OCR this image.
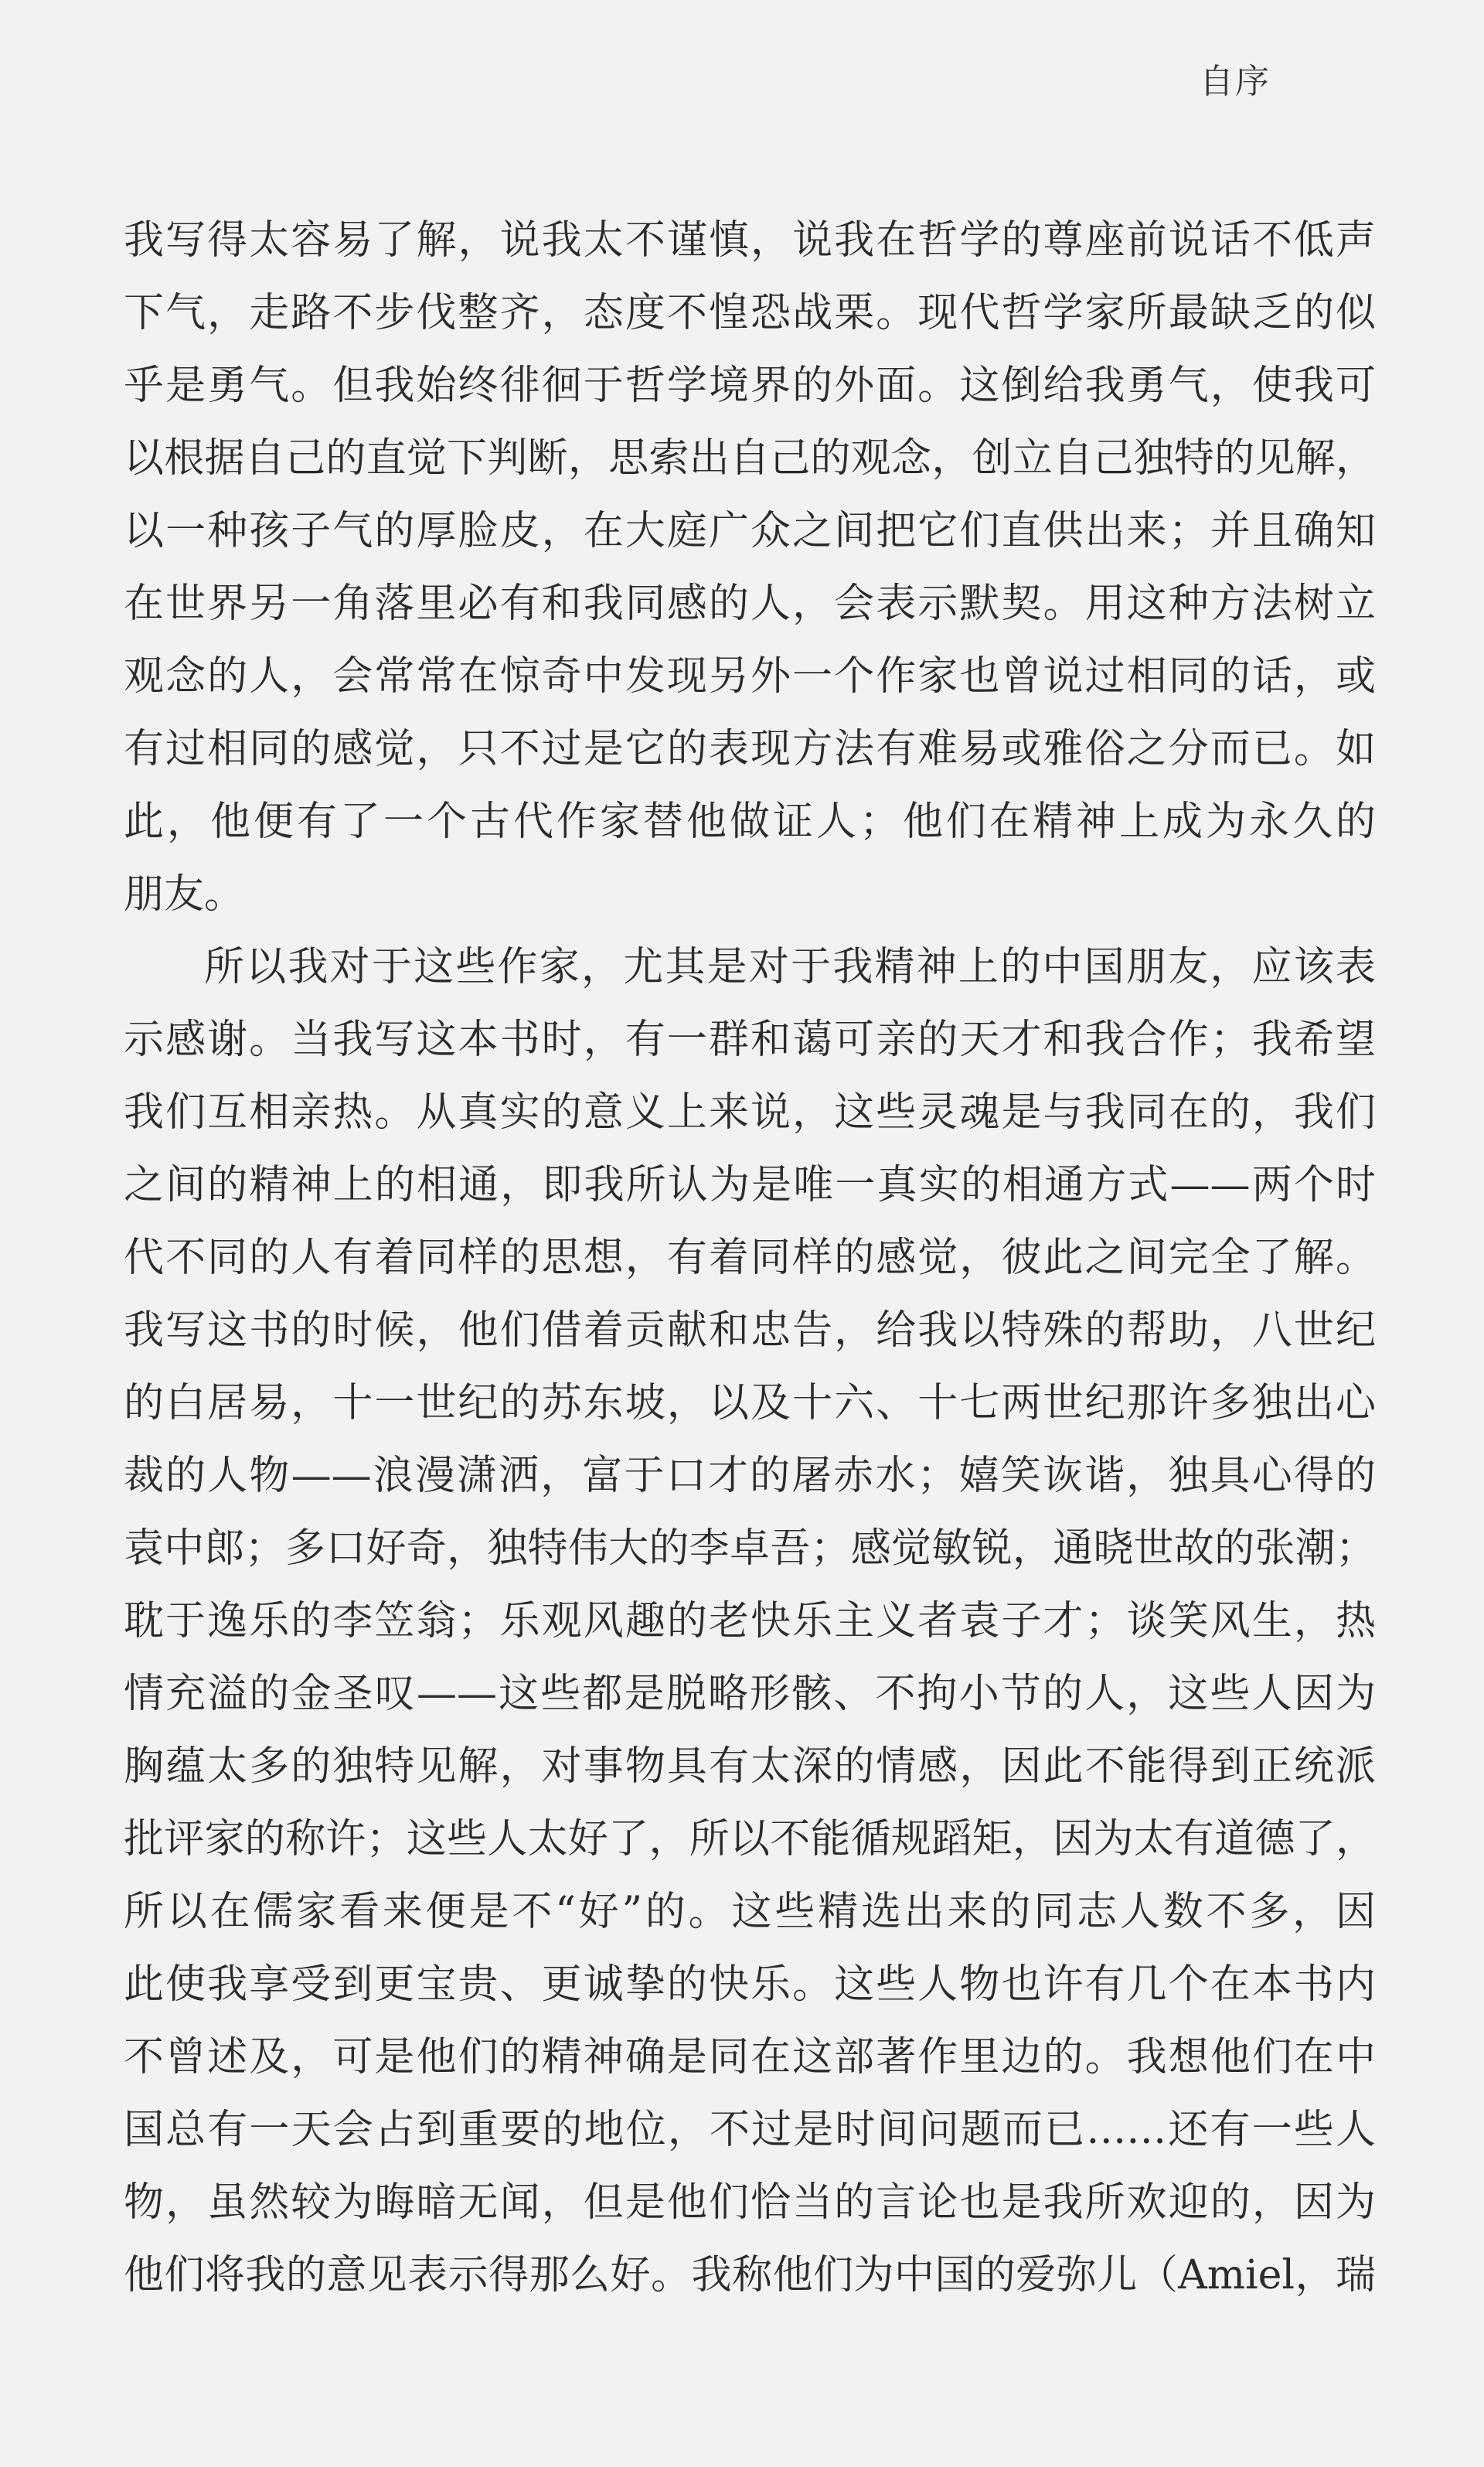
自序
我写得太容易了解，说我太不谨慎，说我在哲学的尊座前说话不低声
下气，走路不步伐整齐，态度不惶恐战栗。现代哲学家所最缺乏的似
乎是勇气。但我始终徘徊于哲学境界的外面。这倒给我勇气，使我可
以根据自己的直觉下判断，思索出自己的观念，创立自己独特的见解，
以一种孩子气的厚脸皮，在大庭广众之间把它们直供出来；并且确知
在世界另一角落里必有和我同感的人，会表示默契。用这种方法树立
观念的人，会常常在惊奇中发现另外一个作家也曾说过相同的话，或
有过相同的感觉，只不过是它的表现方法有难易或雅俗之分而已。如
此，他便有了一个古代作家替他做证人；他们在精神上成为永久的
朋友。
所以我对于这些作家，尤其是对于我精神上的中国朋友，应该表
示感谢。当我写这本书时，有一群和蔼可亲的天才和我合作；我希望
我们互相亲热。从真实的意义上来说，这些灵魂是与我同在的，我们
之间的精神上的相通，即我所认为是唯一真实的相通方式——两个时
代不同的人有着同样的思想，有着同样的感觉，彼此之间完全了解。
我写这书的时候，他们借着贡献和忠告，给我以特殊的帮助，八世纪
的白居易，十一世纪的苏东坡，以及十六、十七两世纪那许多独出心
裁的人物——浪漫潇洒，富于口才的屠赤水；嬉笑诙谐，独具心得的
袁中郎；多口好奇，独特伟大的李卓吾；感觉敏锐，通晓世故的张潮；
耽于逸乐的李笠翁；乐观风趣的老快乐主义者袁子才；谈笑风生，热
情充溢的金圣叹——这些都是脱略形骸、不拘小节的人，这些人因为
胸蕴太多的独特见解，对事物具有太深的情感，因此不能得到正统派
批评家的称许；这些人太好了，所以不能循规蹈矩，因为太有道德了，
所以在儒家看来便是不“好”的。这些精选出来的同志人数不多，因
此使我享受到更宝贵、更诚挚的快乐。这些人物也许有几个在本书内
不曾述及，可是他们的精神确是同在这部著作里边的。我想他们在中
国总有一天会占到重要的地位，不过是时间问题而已……还有一些人
物，虽然较为晦暗无闻，但是他们恰当的言论也是我所欢迎的，因为
他们将我的意见表示得那么好。我称他们为中国的爱弥儿（Amiel，瑞
